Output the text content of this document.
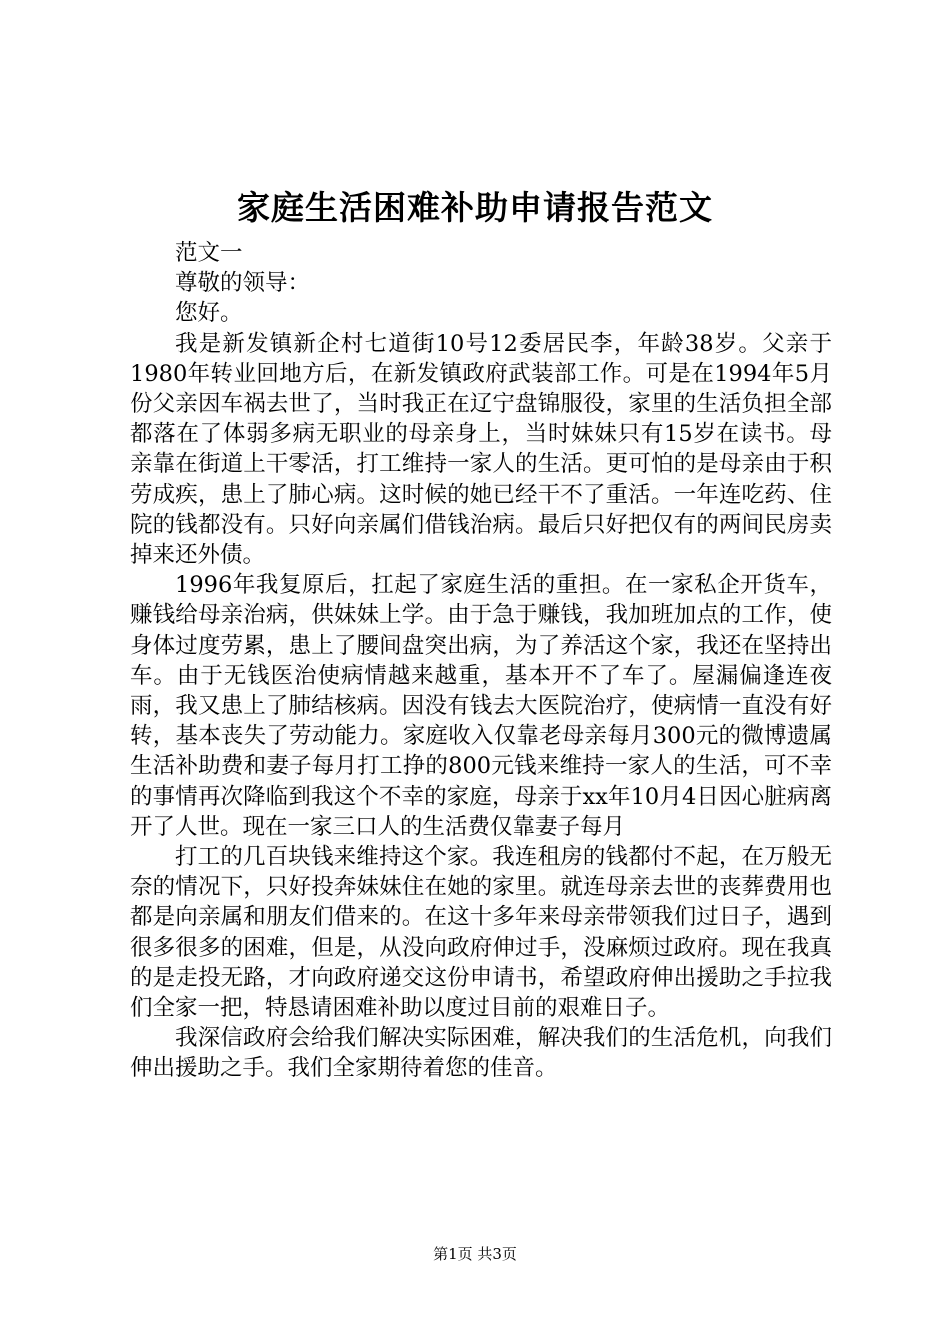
家庭生活困难补助申请报告范文

范文一

尊敬的领导：

您好。

我是新发镇新企村七道街10号12委居民李，年龄38岁。父亲于1980年转业回地方后，在新发镇政府武装部工作。可是在1994年5月份父亲因车祸去世了，当时我正在辽宁盘锦服役，家里的生活负担全部都落在了体弱多病无职业的母亲身上，当时妹妹只有15岁在读书。母亲靠在街道上干零活，打工维持一家人的生活。更可怕的是母亲由于积劳成疾，患上了肺心病。这时候的她已经干不了重活。一年连吃药、住院的钱都没有。只好向亲属们借钱治病。最后只好把仅有的两间民房卖掉来还外债。

1996年我复原后，扛起了家庭生活的重担。在一家私企开货车，赚钱给母亲治病，供妹妹上学。由于急于赚钱，我加班加点的工作，使身体过度劳累，患上了腰间盘突出病，为了养活这个家，我还在坚持出车。由于无钱医治使病情越来越重，基本开不了车了。屋漏偏逢连夜雨，我又患上了肺结核病。因没有钱去大医院治疗，使病情一直没有好转，基本丧失了劳动能力。家庭收入仅靠老母亲每月300元的微博遗属生活补助费和妻子每月打工挣的800元钱来维持一家人的生活，可不幸的事情再次降临到我这个不幸的家庭，母亲于xx年10月4日因心脏病离开了人世。现在一家三口人的生活费仅靠妻子每月

打工的几百块钱来维持这个家。我连租房的钱都付不起，在万般无奈的情况下，只好投奔妹妹住在她的家里。就连母亲去世的丧葬费用也都是向亲属和朋友们借来的。在这十多年来母亲带领我们过日子，遇到很多很多的困难，但是，从没向政府伸过手，没麻烦过政府。现在我真的是走投无路，才向政府递交这份申请书，希望政府伸出援助之手拉我们全家一把，特恳请困难补助以度过目前的艰难日子。

我深信政府会给我们解决实际困难，解决我们的生活危机，向我们伸出援助之手。我们全家期待着您的佳音。

第1页 共3页
